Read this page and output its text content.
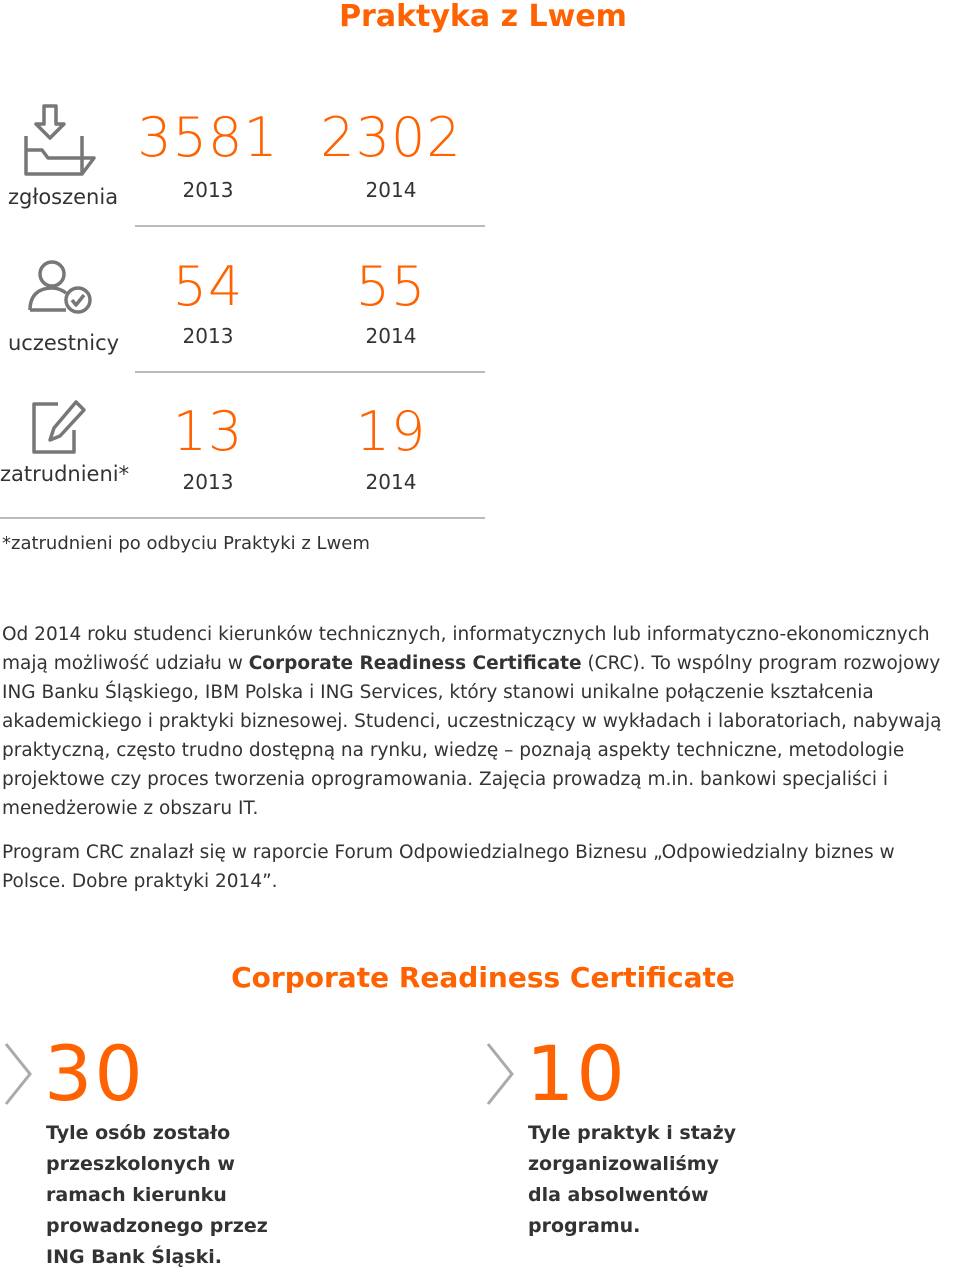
Praktyka z Lwem
zgłoszenia
3581
2013
2302
2014
uczestnicy
54
2013
55
2014
zatrudnieni*
13
2013
19
2014
*zatrudnieni po odbyciu Praktyki z Lwem
Od 2014 roku studenci kierunków technicznych, informatycznych lub informatyczno-ekonomicznych mają możliwość udziału w Corporate Readiness Certificate (CRC). To wspólny program rozwojowy ING Banku Śląskiego, IBM Polska i ING Services, który stanowi unikalne połączenie kształcenia akademickiego i praktyki biznesowej. Studenci, uczestniczący w wykładach i laboratoriach, nabywają praktyczną, często trudno dostępną na rynku, wiedzę – poznają aspekty techniczne, metodologie projektowe czy proces tworzenia oprogramowania. Zajęcia prowadzą m.in. bankowi specjaliści i menedżerowie z obszaru IT.
Program CRC znalazł się w raporcie Forum Odpowiedzialnego Biznesu „Odpowiedzialny biznes w Polsce. Dobre praktyki 2014”.
Corporate Readiness Certificate
30
Tyle osób zostało
przeszkolonych w
ramach kierunku
prowadzonego przez
ING Bank Śląski.
10
Tyle praktyk i staży
zorganizowaliśmy
dla absolwentów
programu.
